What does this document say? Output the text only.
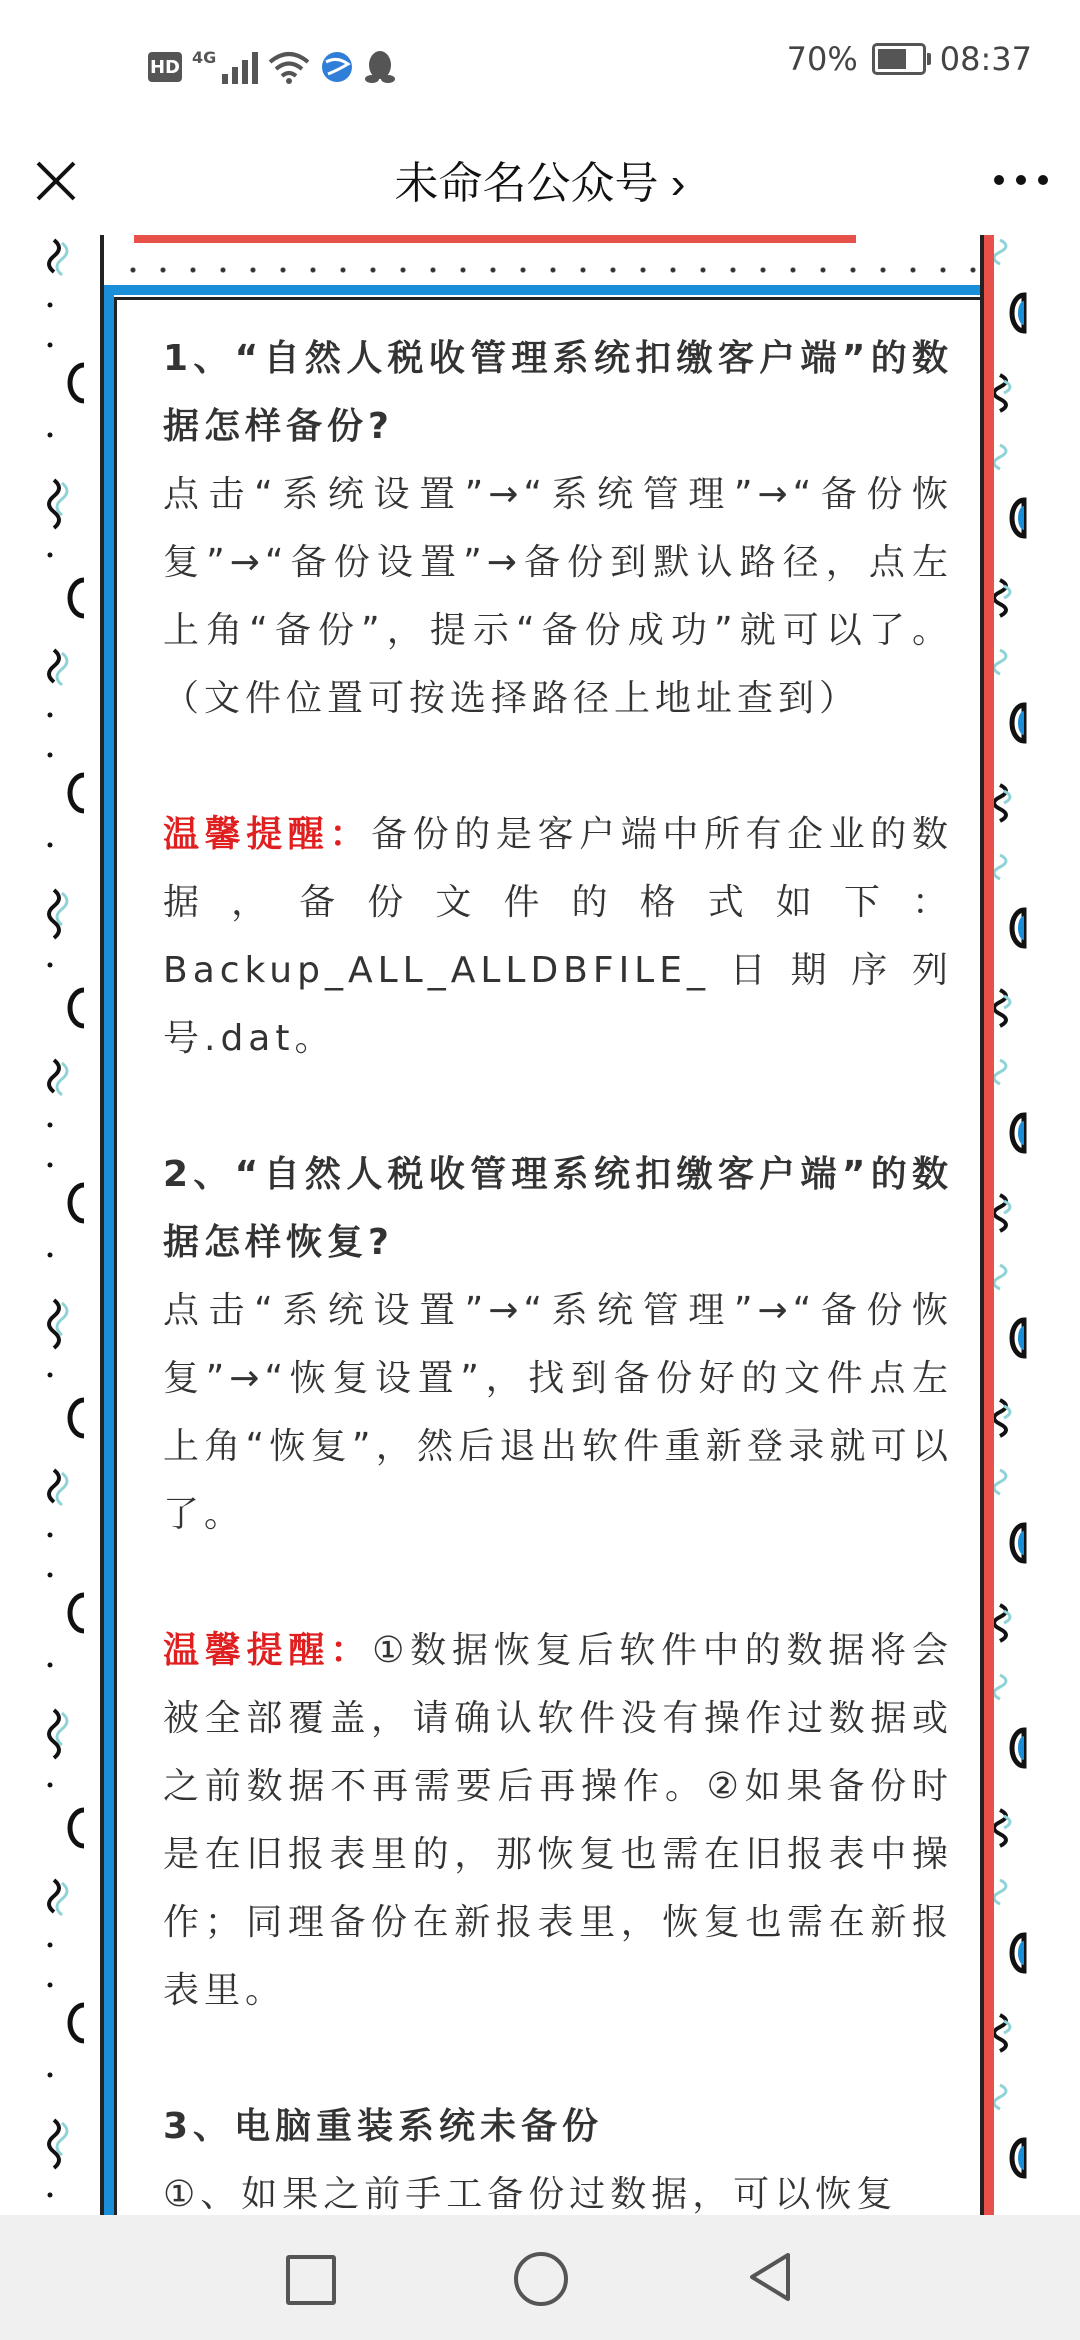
HD 4G	70%	08:37
未命名公众号 ›

1、“自然人税收管理系统扣缴客户端”的数据怎样备份?

点击“系统设置”→“系统管理”→“备份恢复”→“备份设置”→备份到默认路径，点左上角“备份”，提示“备份成功”就可以了。（文件位置可按选择路径上地址查到）

温馨提醒：备份的是客户端中所有企业的数据，备份文件的格式如下：Backup_ALL_ALLDBFILE_日期序列号.dat。

2、“自然人税收管理系统扣缴客户端”的数据怎样恢复?

点击“系统设置”→“系统管理”→“备份恢复”→“恢复设置”，找到备份好的文件点左上角“恢复”，然后退出软件重新登录就可以了。

温馨提醒：①数据恢复后软件中的数据将会被全部覆盖，请确认软件没有操作过数据或之前数据不再需要后再操作。②如果备份时是在旧报表里的，那恢复也需在旧报表中操作；同理备份在新报表里，恢复也需在新报表里。

3、电脑重装系统未备份

①、如果之前手工备份过数据，可以恢复
